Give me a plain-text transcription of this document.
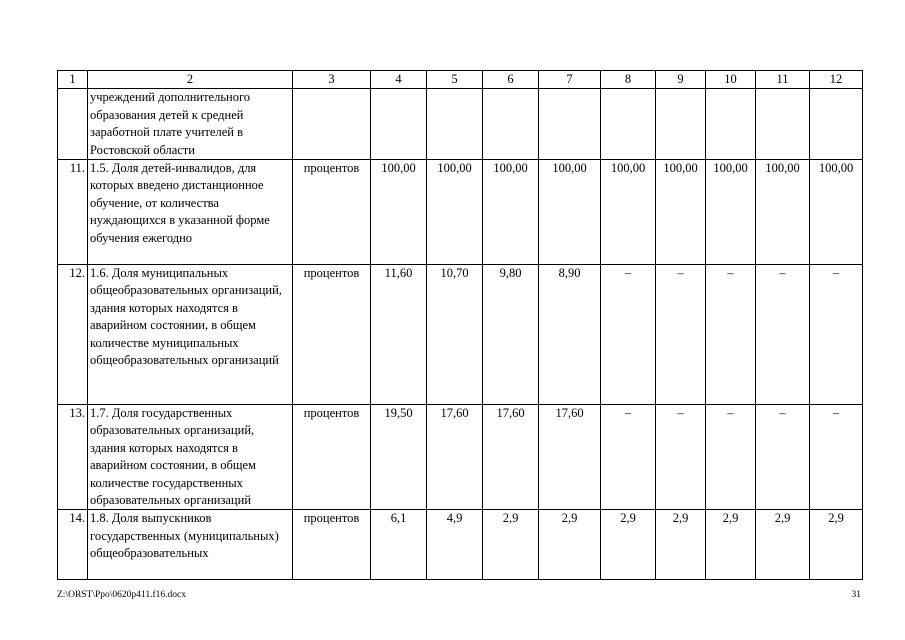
1	2	3	4	5	6	7	8	9	10	11	12
	учреждений дополнительного образования детей к средней заработной плате учителей в Ростовской области										
11.	1.5. Доля детей-инвалидов, для которых введено дистанционное обучение, от количества нуждающихся в указанной форме обучения ежегодно	процентов	100,00	100,00	100,00	100,00	100,00	100,00	100,00	100,00	100,00
12.	1.6. Доля муниципальных общеобразовательных организаций, здания которых находятся в аварийном состоянии, в общем количестве муниципальных общеобразовательных организаций	процентов	11,60	10,70	9,80	8,90	–	–	–	–	–
13.	1.7. Доля государственных образовательных организаций, здания которых находятся в аварийном состоянии, в общем количестве государственных образовательных организаций	процентов	19,50	17,60	17,60	17,60	–	–	–	–	–
14.	1.8. Доля выпускников государственных (муниципальных) общеобразовательных	процентов	6,1	4,9	2,9	2,9	2,9	2,9	2,9	2,9	2,9
Z:\ORST\Ppo\0620p411.f16.docx	31
